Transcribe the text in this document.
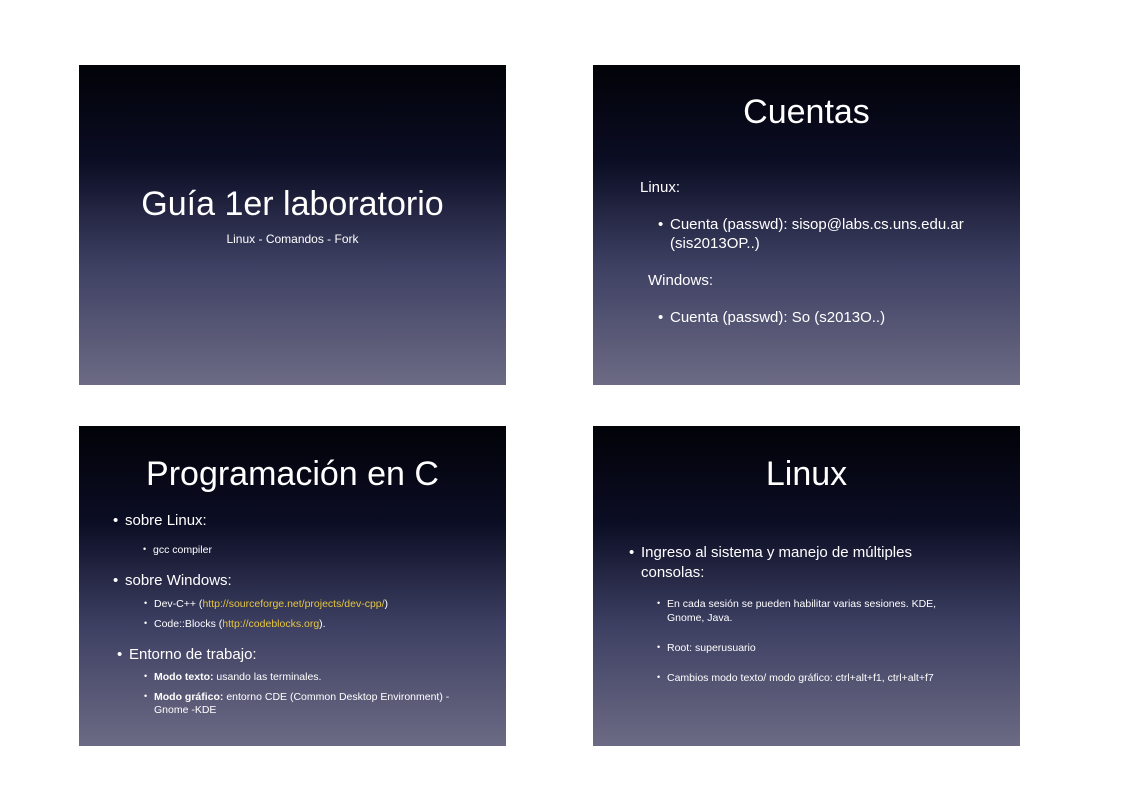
Guía 1er laboratorio
Linux - Comandos - Fork
Cuentas
Linux:
• Cuenta (passwd): sisop@labs.cs.uns.edu.ar
(sis2013OP..)
Windows:
• Cuenta (passwd): So (s2013O..)
Programación en C
• sobre Linux:
• gcc compiler
• sobre Windows:
• Dev-C++ (http://sourceforge.net/projects/dev-cpp/)
• Code::Blocks (http://codeblocks.org).
• Entorno de trabajo:
• Modo texto: usando las terminales.
• Modo gráfico: entorno CDE (Common Desktop Environment) -
Gnome -KDE
Linux
• Ingreso al sistema y manejo de múltiples
consolas:
• En cada sesión se pueden habilitar varias sesiones. KDE,
Gnome, Java.
• Root: superusuario
• Cambios modo texto/ modo gráfico: ctrl+alt+f1, ctrl+alt+f7
